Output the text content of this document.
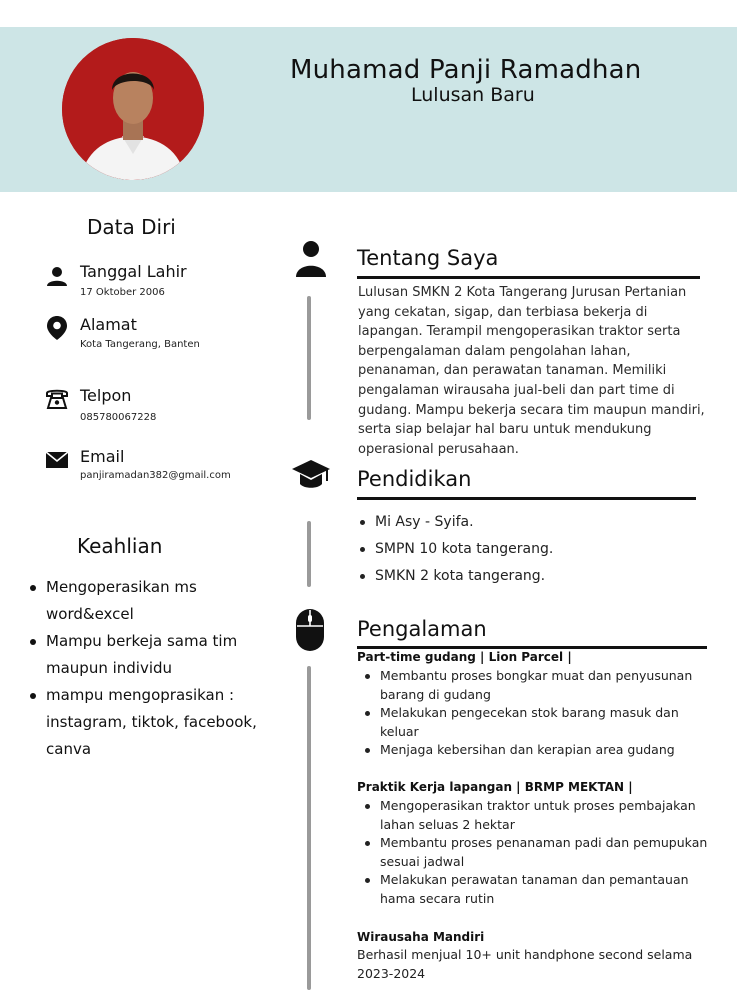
Muhamad Panji Ramadhan
Lulusan Baru
Data Diri
Tanggal Lahir
17 Oktober 2006
Alamat
Kota Tangerang, Banten
Telpon
085780067228
Email
panjiramadan382@gmail.com
Keahlian
Mengoperasikan ms word&excel
Mampu berkeja sama tim maupun individu
mampu mengoprasikan : instagram, tiktok, facebook, canva
Tentang Saya
Lulusan SMKN 2 Kota Tangerang Jurusan Pertanian yang cekatan, sigap, dan terbiasa bekerja di lapangan. Terampil mengoperasikan traktor serta berpengalaman dalam pengolahan lahan, penanaman, dan perawatan tanaman. Memiliki pengalaman wirausaha jual-beli dan part time di gudang. Mampu bekerja secara tim maupun mandiri, serta siap belajar hal baru untuk mendukung operasional perusahaan.
Pendidikan
Mi Asy - Syifa.
SMPN 10 kota tangerang.
SMKN 2 kota tangerang.
Pengalaman
Part-time gudang | Lion Parcel |
Membantu proses bongkar muat dan penyusunan barang di gudang
Melakukan pengecekan stok barang masuk dan keluar
Menjaga kebersihan dan kerapian area gudang
Praktik Kerja lapangan | BRMP MEKTAN |
Mengoperasikan traktor untuk proses pembajakan lahan seluas 2 hektar
Membantu proses penanaman padi dan pemupukan sesuai jadwal
Melakukan perawatan tanaman dan pemantauan hama secara rutin
Wirausaha Mandiri
Berhasil menjual 10+ unit handphone second selama 2023-2024
